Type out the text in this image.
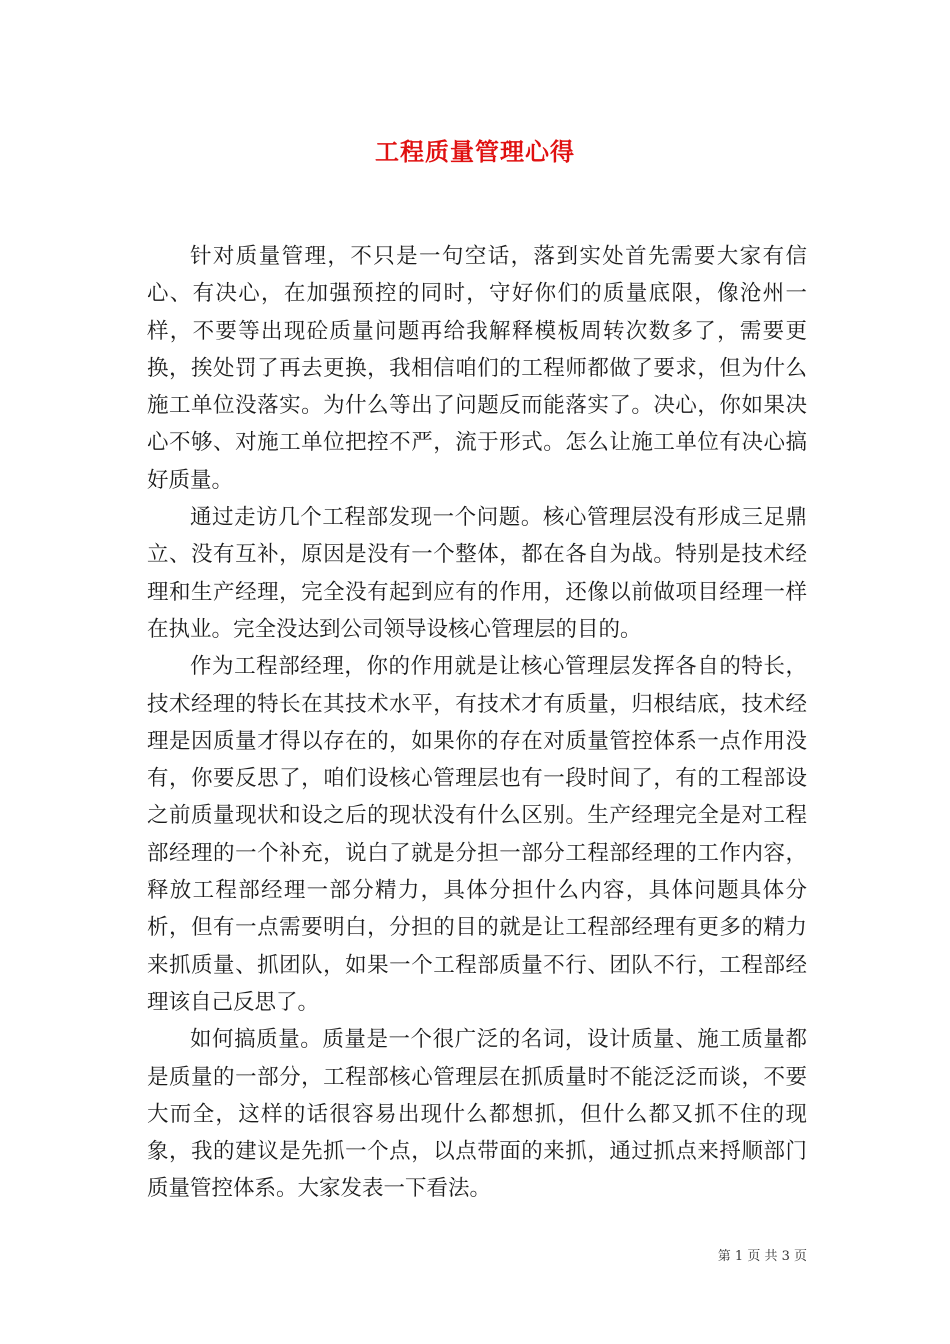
工程质量管理心得

针对质量管理，不只是一句空话，落到实处首先需要大家有信心、有决心，在加强预控的同时，守好你们的质量底限，像沧州一样，不要等出现砼质量问题再给我解释模板周转次数多了，需要更换，挨处罚了再去更换，我相信咱们的工程师都做了要求，但为什么施工单位没落实。为什么等出了问题反而能落实了。决心，你如果决心不够、对施工单位把控不严，流于形式。怎么让施工单位有决心搞好质量。

通过走访几个工程部发现一个问题。核心管理层没有形成三足鼎立、没有互补，原因是没有一个整体，都在各自为战。特别是技术经理和生产经理，完全没有起到应有的作用，还像以前做项目经理一样在执业。完全没达到公司领导设核心管理层的目的。

作为工程部经理，你的作用就是让核心管理层发挥各自的特长，技术经理的特长在其技术水平，有技术才有质量，归根结底，技术经理是因质量才得以存在的，如果你的存在对质量管控体系一点作用没有，你要反思了，咱们设核心管理层也有一段时间了，有的工程部设之前质量现状和设之后的现状没有什么区别。生产经理完全是对工程部经理的一个补充，说白了就是分担一部分工程部经理的工作内容，释放工程部经理一部分精力，具体分担什么内容，具体问题具体分析，但有一点需要明白，分担的目的就是让工程部经理有更多的精力来抓质量、抓团队，如果一个工程部质量不行、团队不行，工程部经理该自己反思了。

如何搞质量。质量是一个很广泛的名词，设计质量、施工质量都是质量的一部分，工程部核心管理层在抓质量时不能泛泛而谈，不要大而全，这样的话很容易出现什么都想抓，但什么都又抓不住的现象，我的建议是先抓一个点，以点带面的来抓，通过抓点来捋顺部门质量管控体系。大家发表一下看法。

第 1 页 共 3 页
